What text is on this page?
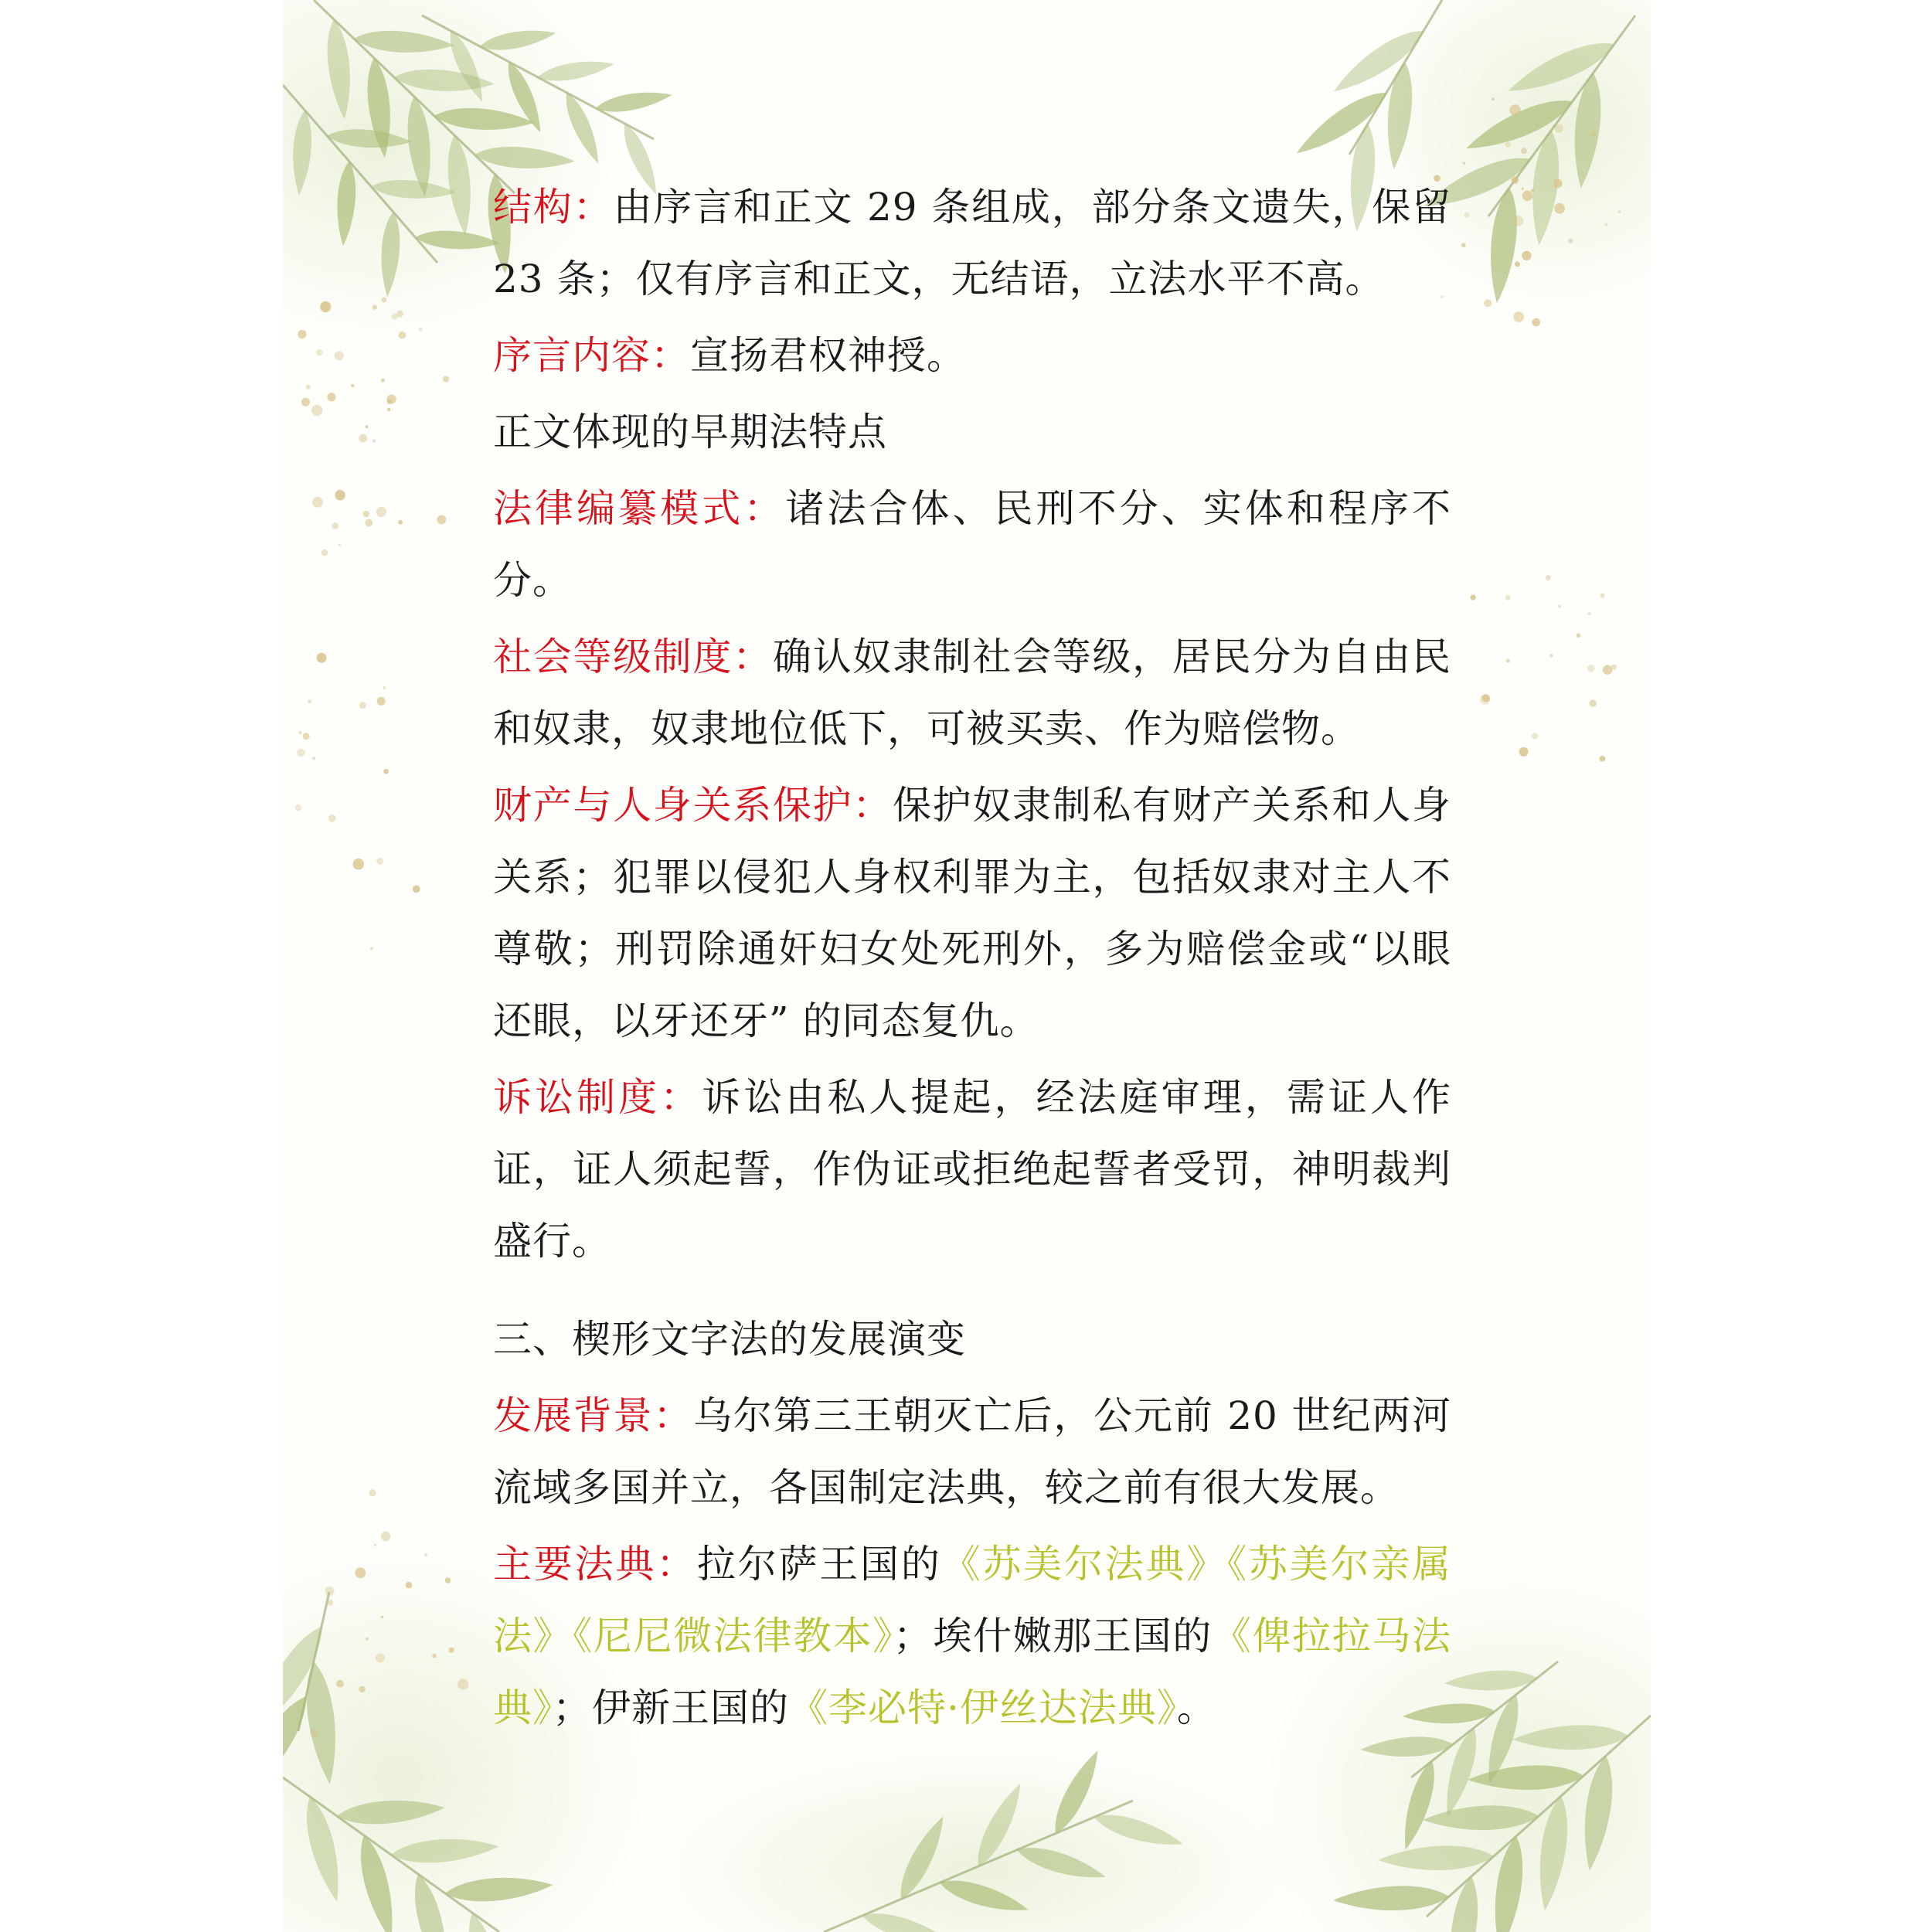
结构：由序言和正文 29 条组成，部分条文遗失，保留 23 条；仅有序言和正文，无结语，立法水平不高。

序言内容：宣扬君权神授。

正文体现的早期法特点

法律编纂模式：诸法合体、民刑不分、实体和程序不分。

社会等级制度：确认奴隶制社会等级，居民分为自由民和奴隶，奴隶地位低下，可被买卖、作为赔偿物。

财产与人身关系保护：保护奴隶制私有财产关系和人身关系；犯罪以侵犯人身权利罪为主，包括奴隶对主人不尊敬；刑罚除通奸妇女处死刑外，多为赔偿金或“以眼还眼，以牙还牙” 的同态复仇。

诉讼制度：诉讼由私人提起，经法庭审理，需证人作证，证人须起誓，作伪证或拒绝起誓者受罚，神明裁判盛行。

三、楔形文字法的发展演变

发展背景：乌尔第三王朝灭亡后，公元前 20 世纪两河流域多国并立，各国制定法典，较之前有很大发展。

主要法典：拉尔萨王国的《苏美尔法典》《苏美尔亲属法》《尼尼微法律教本》；埃什嫩那王国的《俾拉拉马法典》；伊新王国的《李必特·伊丝达法典》。
